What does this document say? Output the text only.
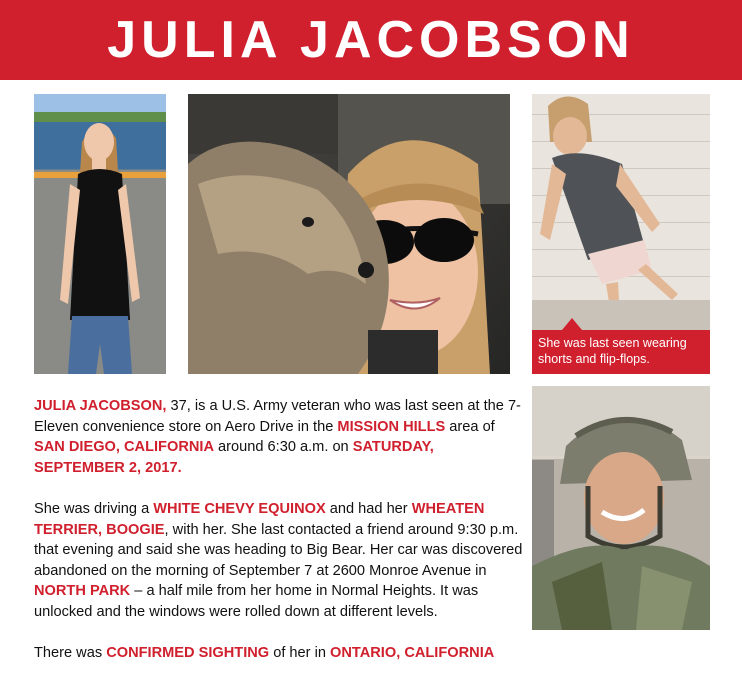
JULIA JACOBSON
She was last seen wearing shorts and flip-flops.

JULIA JACOBSON, 37, is a U.S. Army veteran who was last seen at the 7-Eleven convenience store on Aero Drive in the MISSION HILLS area of SAN DIEGO, CALIFORNIA around 6:30 a.m. on SATURDAY, SEPTEMBER 2, 2017.

She was driving a WHITE CHEVY EQUINOX and had her WHEATEN TERRIER, BOOGIE, with her. She last contacted a friend around 9:30 p.m. that evening and said she was heading to Big Bear. Her car was discovered abandoned on the morning of September 7 at 2600 Monroe Avenue in NORTH PARK – a half mile from her home in Normal Heights. It was unlocked and the windows were rolled down at different levels.

There was CONFIRMED SIGHTING of her in ONTARIO, CALIFORNIA
